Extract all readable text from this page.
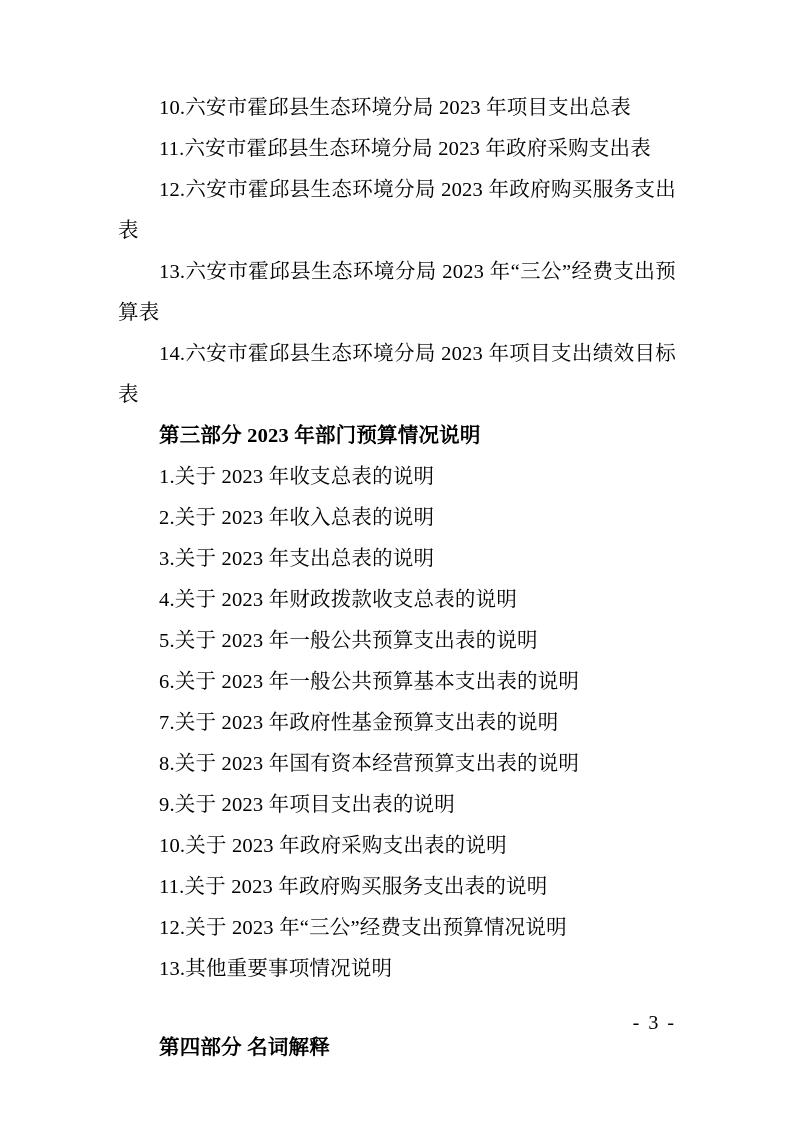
10.六安市霍邱县生态环境分局 2023 年项目支出总表

11.六安市霍邱县生态环境分局 2023 年政府采购支出表

12.六安市霍邱县生态环境分局 2023 年政府购买服务支出表

13.六安市霍邱县生态环境分局 2023 年“三公”经费支出预算表

14.六安市霍邱县生态环境分局 2023 年项目支出绩效目标表

第三部分 2023 年部门预算情况说明

1.关于 2023 年收支总表的说明

2.关于 2023 年收入总表的说明

3.关于 2023 年支出总表的说明

4.关于 2023 年财政拨款收支总表的说明

5.关于 2023 年一般公共预算支出表的说明

6.关于 2023 年一般公共预算基本支出表的说明

7.关于 2023 年政府性基金预算支出表的说明

8.关于 2023 年国有资本经营预算支出表的说明

9.关于 2023 年项目支出表的说明

10.关于 2023 年政府采购支出表的说明

11.关于 2023 年政府购买服务支出表的说明

12.关于 2023 年“三公”经费支出预算情况说明

13.其他重要事项情况说明

第四部分 名词解释

- 3 -
